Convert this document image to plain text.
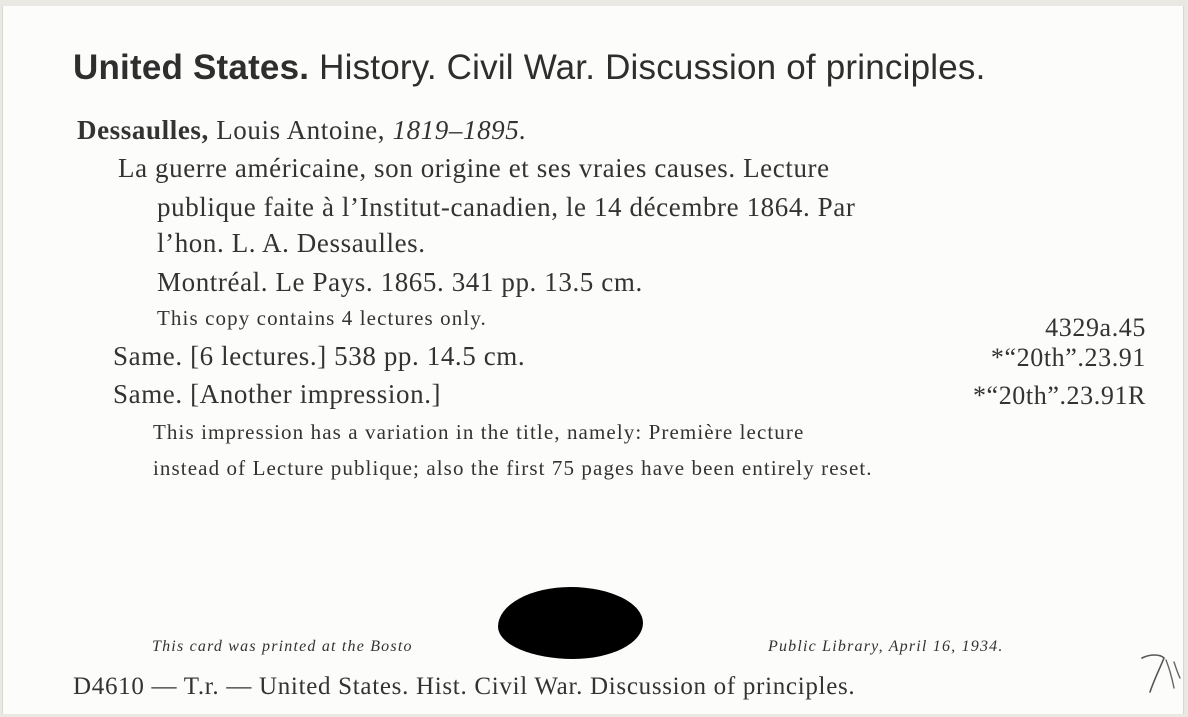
United States. History. Civil War. Discussion of principles.
Dessaulles, Louis Antoine, 1819–1895.
La guerre américaine, son origine et ses vraies causes. Lecture
publique faite à l’Institut-canadien, le 14 décembre 1864. Par
l’hon. L. A. Dessaulles.
Montréal. Le Pays. 1865. 341 pp. 13.5 cm.
This copy contains 4 lectures only.	4329a.45
Same. [6 lectures.] 538 pp. 14.5 cm.	*“20th”.23.91
Same. [Another impression.]	*“20th”.23.91R
This impression has a variation in the title, namely: Première lecture
instead of Lecture publique; also the first 75 pages have been entirely reset.
This card was printed at the Bosto	Public Library, April 16, 1934.
D4610 — T.r. — United States. Hist. Civil War. Discussion of principles.
